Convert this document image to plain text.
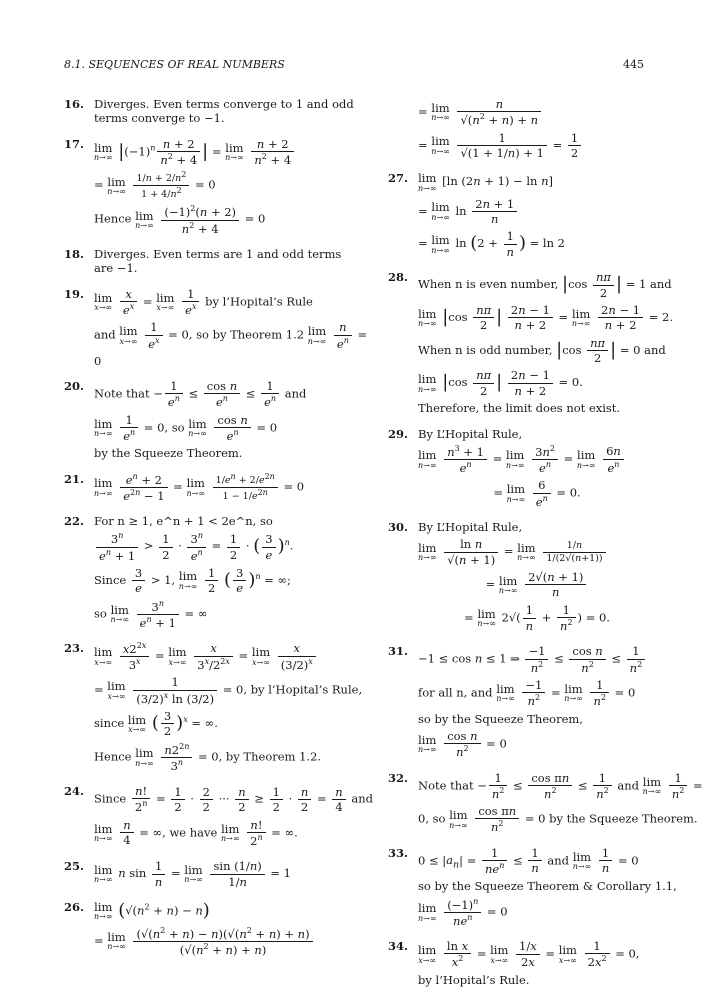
8.1. SEQUENCES OF REAL NUMBERS	445
16. Diverges. Even terms converge to 1 and odd terms converge to −1.
17. lim
n→∞ $|(-1)^n \frac{n + 2}{n^2 + 4}$ | = lim
n→∞
$\frac{n + 2}{n^2 + 4}$
= lim
n→∞
$\frac{1/n + 2/n^2}{1 + 4/n^2} = 0$
Hence lim
n→∞
$\frac{(-1)^2(n + 2)}{n^2 + 4} = 0$
18. Diverges. Even terms are 1 and odd terms are −1.
19. lim
x→∞
$\frac{x}{e^x} = \lim$
x→∞
$\frac{1}{e^x}$ by l’Hopital’s Rule
and lim
x→∞
$\frac{1}{e^x} = 0$, so by Theorem 1.2 lim
n→∞
$\frac{n}{e^n}$ =
0
20.
Note that − $\frac{1}{e^n} \le \frac{\text{cos n}}{e^n} \le \frac{1}{e^n}$ and
lim
n→∞
$\frac{1}{e^n} = 0$, so lim
n→∞
$\frac{\text{cos n}}{e^n} = 0$
by the Squeeze Theorem.
21. lim
n→∞
$\frac{e^n + 2}{e^{2n} - 1} = \lim$
n→∞
$\frac{1/e^n + 2/e^{2n}}{1 - 1/e^{2n}} = 0$
22. For n ≥ 1, e^n + 1 < 2e^n, so
$\frac{3^n}{e^n + 1} > \frac{1}{2} \cdot \frac{3^n}{e^n} = \frac{1}{2}$ · ( $\frac{3}{e} )^n$.
Since $\frac{3}{e} > 1$, lim
n→∞
$\frac{1}{2}$ ( $\frac{3}{e} )^n$ = ∞;
so lim
n→∞
$\frac{3^n}{e^n + 1}$ = ∞
23. lim
x→∞
$\frac{x2^{2x}}{3^x} = \lim$
x→∞
$\frac{x}{3^x/2^{2x}} = \lim$
x→∞
$\frac{x}{(3/2)^x}$
= lim
x→∞
$\frac{1}{(3/2)^x \ln (3/2)} = 0$, by l’Hopital’s Rule,
since lim
x→∞ ( $\frac{3}{2} )^x$ = ∞.
Hence lim
n→∞
$\frac{n2^{2n}}{3^n} = 0$, by Theorem 1.2.
24.
Since $\frac{n!}{2^n} = \frac{1}{2} \cdot \frac{2}{2}$ ··· $\frac{n}{2} \ge \frac{1}{2} \cdot \frac{n}{2} = \frac{n}{4}$ and
lim
n→∞
$\frac{n}{4}$ = ∞, we have lim
n→∞
$\frac{n!}{2^n}$ = ∞.
25. lim
n→∞ n $\sin \frac{1}{n} = \lim$
n→∞
$\frac{\sin (1/n)}{1/n} = 1$
26. lim
n→∞ $(√(n^2 + n) - n)$
= lim
n→∞
$\frac{(√(n^2 + n) - n)(√(n^2 + n) + n)}{(√(n^2 + n) + n)}$
= lim
n→∞
$\frac{n}{√(n^2 + n) + n}$
= lim
n→∞
$\frac{1}{√(1 + 1/n) + 1} = \frac{1}{2}$
27. lim
n→∞ [ln (2n + 1) − ln n]
= lim
n→∞ $\ln \frac{2n + 1}{n}$
= lim
n→∞ $\ln (2 + \frac{1}{n}$ ) = ln 2
28. When n is even number, $|\cos \frac{n\pi}{2}$ | = 1 and
lim
n→∞ $|\cos \frac{n\pi}{2}$ | $\frac{2n - 1}{n + 2} = \lim$
n→∞
$\frac{2n - 1}{n + 2} = 2$.
When n is odd number, $|\cos \frac{n\pi}{2}$ | = 0 and
lim
n→∞ $|\cos \frac{n\pi}{2}$ | $\frac{2n - 1}{n + 2} = 0$.
Therefore, the limit does not exist.
29. By L’Hopital Rule,
lim
n→∞
$\frac{n^3 + 1}{e^n} = \lim$
n→∞
$\frac{3n^2}{e^n} = \lim$
n→∞
$\frac{6n}{e^n}$
= lim
n→∞
$\frac{6}{e^n} = 0$.
30. By L’Hopital Rule,
lim
n→∞
$\frac{\text{ln n}}{√(n + 1)} = \lim$
n→∞
$\frac{1/n}{1/(2√(n+1))}$
= lim
n→∞
$\frac{2√(n + 1)}{n}$
= lim
n→∞ $2√( \frac{1}{n} + \frac{1}{n^2}$ ) = 0.
31.
−1 ≤ cos n ≤ 1 ⇒ $\frac{-1}{n^2} \le \frac{\text{cos n}}{n^2} \le \frac{1}{n^2}$
for all n, and lim
n→∞
$\frac{-1}{n^2} = \lim$
n→∞
$\frac{1}{n^2} = 0$
so by the Squeeze Theorem,
lim
n→∞
$\frac{\text{cos n}}{n^2} = 0$
32.
Note that − $\frac{1}{n^2} \le \frac{\text{cos πn}}{n^2} \le \frac{1}{n^2}$ and lim
n→∞
$\frac{1}{n^2}$ =
0, so lim
n→∞
$\frac{\text{cos πn}}{n^2} = 0$ by the Squeeze Theorem.
33.
$0 \le |a_n| = \frac{1}{ne^n} \le \frac{1}{n}$ and lim
n→∞
$\frac{1}{n} = 0$
so by the Squeeze Theorem & Corollary 1.1,
lim
n→∞
$\frac{(-1)^n}{ne^n} = 0$
34. lim
x→∞
$\frac{\text{ln x}}{x^2} = \lim$
x→∞
$\frac{1/x}{2x} = \lim$
x→∞
$\frac{1}{2x^2} = 0$,
by l’Hopital’s Rule.
